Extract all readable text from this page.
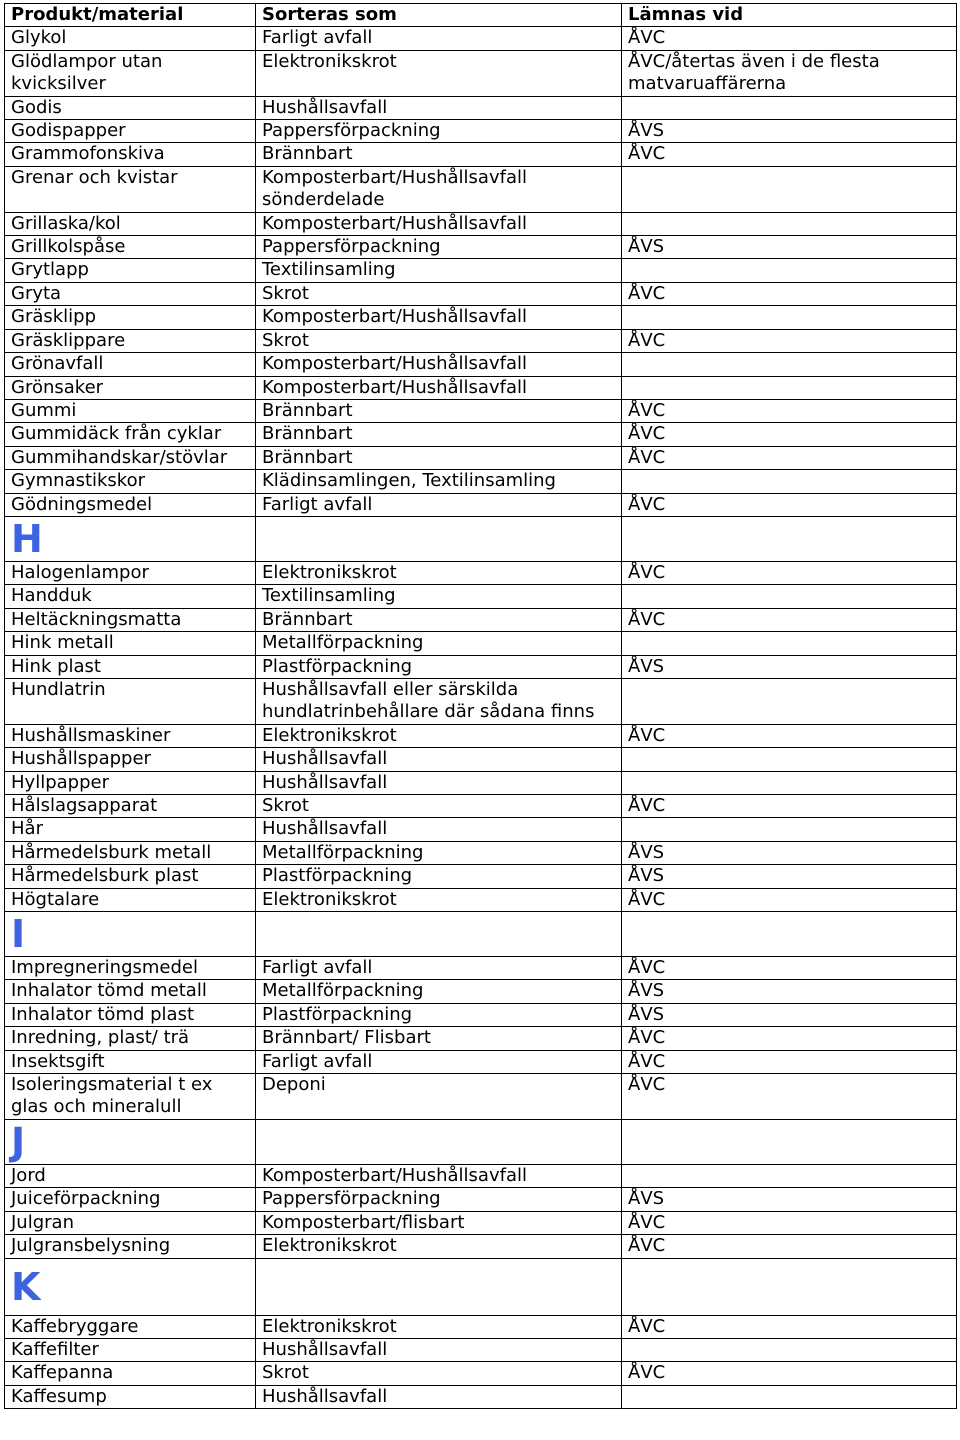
Produkt/material	Sorteras som	Lämnas vid
Glykol	Farligt avfall	ÅVC
Glödlampor utan kvicksilver	Elektronikskrot	ÅVC/återtas även i de flesta matvaruaffärerna
Godis	Hushållsavfall	
Godispapper	Pappersförpackning	ÅVS
Grammofonskiva	Brännbart	ÅVC
Grenar och kvistar	Komposterbart/Hushållsavfall sönderdelade	
Grillaska/kol	Komposterbart/Hushållsavfall	
Grillkolspåse	Pappersförpackning	ÅVS
Grytlapp	Textilinsamling	
Gryta	Skrot	ÅVC
Gräsklipp	Komposterbart/Hushållsavfall	
Gräsklippare	Skrot	ÅVC
Grönavfall	Komposterbart/Hushållsavfall	
Grönsaker	Komposterbart/Hushållsavfall	
Gummi	Brännbart	ÅVC
Gummidäck från cyklar	Brännbart	ÅVC
Gummihandskar/stövlar	Brännbart	ÅVC
Gymnastikskor	Klädinsamlingen, Textilinsamling	
Gödningsmedel	Farligt avfall	ÅVC
H		
Halogenlampor	Elektronikskrot	ÅVC
Handduk	Textilinsamling	
Heltäckningsmatta	Brännbart	ÅVC
Hink metall	Metallförpackning	
Hink plast	Plastförpackning	ÅVS
Hundlatrin	Hushållsavfall eller särskilda hundlatrinbehållare där sådana finns	
Hushållsmaskiner	Elektronikskrot	ÅVC
Hushållspapper	Hushållsavfall	
Hyllpapper	Hushållsavfall	
Hålslagsapparat	Skrot	ÅVC
Hår	Hushållsavfall	
Hårmedelsburk metall	Metallförpackning	ÅVS
Hårmedelsburk plast	Plastförpackning	ÅVS
Högtalare	Elektronikskrot	ÅVC
I		
Impregneringsmedel	Farligt avfall	ÅVC
Inhalator tömd metall	Metallförpackning	ÅVS
Inhalator tömd plast	Plastförpackning	ÅVS
Inredning, plast/ trä	Brännbart/ Flisbart	ÅVC
Insektsgift	Farligt avfall	ÅVC
Isoleringsmaterial t ex glas och mineralull	Deponi	ÅVC
J		
Jord	Komposterbart/Hushållsavfall	
Juiceförpackning	Pappersförpackning	ÅVS
Julgran	Komposterbart/flisbart	ÅVC
Julgransbelysning	Elektronikskrot	ÅVC
K		
Kaffebryggare	Elektronikskrot	ÅVC
Kaffefilter	Hushållsavfall	
Kaffepanna	Skrot	ÅVC
Kaffesump	Hushållsavfall	
